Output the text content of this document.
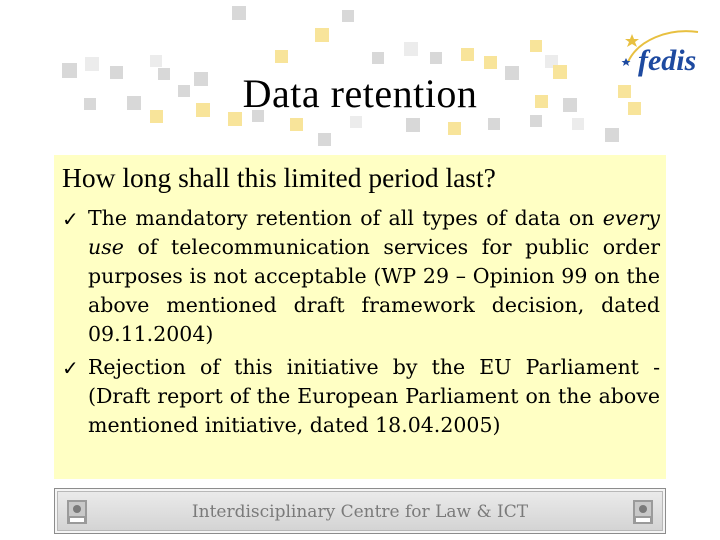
fedis
Data retention
How long shall this limited period last?
✓ The mandatory retention of all types of data on every use of telecommunication services for public order purposes is not acceptable (WP 29 – Opinion 99 on the above mentioned draft framework decision, dated 09.11.2004)
✓ Rejection of this initiative by the EU Parliament - (Draft report of the European Parliament on the above mentioned initiative, dated 18.04.2005)
Interdisciplinary Centre for Law & ICT
